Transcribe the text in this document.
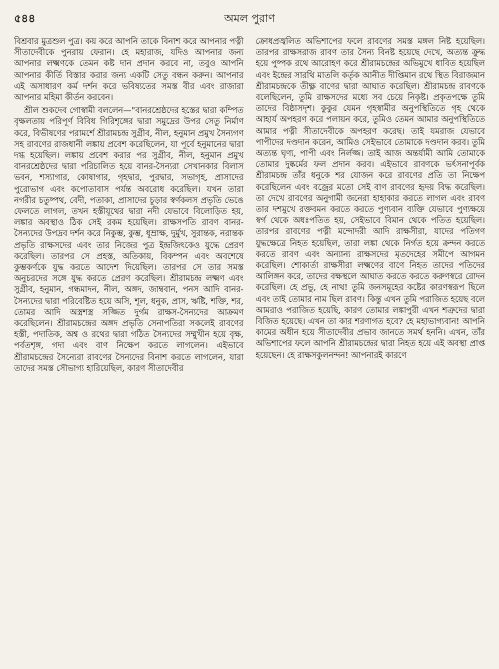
৫৪৪	অমল পুরাণ

বিশ্রবার মুত্রশুল পুত্র। কয় করে আপনি তাকে বিনাশ করে আপনার পত্নী সীতাদেবীকে পুনরায় ফেরান। হে মহারাজ, যদিও আপনার জন্য আপনার লক্ষ্মণকে তেমন কষ্ট দান প্রদান করবে না, তবুও আপনি আপনার কীর্তি বিস্তার করার জন্য একটি সেতু বন্ধন করুন। আপনার এই অসাধারণ কর্ম দর্শন করে ভবিষ্যতের সমস্ত বীর এবং রাজারা আপনার মহিমা কীর্তন করবেন।

শ্রীল শুকদেব গোস্বামী বললেন—"বানরশ্রেষ্ঠদের হস্তের দ্বারা কম্পিত বৃক্ষলতায় পরিপূর্ণ বিবিধ গিরিশৃঙ্গের দ্বারা সমুদ্রের উপর সেতু নির্মাণ করে, বিভীষণের পরামর্শে শ্রীরামচন্দ্র সুগ্রীব, নীল, হনুমান প্রমুখ সৈন্যগণ সহ রাবণের রাজধানী লঙ্কায় প্রবেশ করেছিলেন, যা পূর্বে হনুমানের দ্বারা দগ্ধ হয়েছিল। লঙ্কায় প্রবেশ করার পর সুগ্রীব, নীল, হনুমান প্রমুখ বানরশ্রেষ্ঠদের দ্বারা পরিচালিত হয়ে বানর-সৈন্যরা সেখানকার বিলাস ভবন, শস্যাগার, কোষাগার, গৃহদ্বার, পুরদ্বার, সভাগৃহ, প্রাসাদের পুরোভাগ এবং কপোতাবাস পর্যন্ত অবরোধ করেছিল। যখন তারা নগরীর চতুষ্পথ, বেদী, পতাকা, প্রাসাদের চূড়ার স্বর্ণকলস প্রভৃতি ভেঙে ফেলতে লাগল, তখন হস্তীযূথের দ্বারা নদী যেভাবে বিলোড়িত হয়, লঙ্কার অবস্থাও ঠিক সেই রকম হয়েছিল। রাক্ষসপতি রাবণ বানর-সৈন্যদের উপদ্রব দর্শন করে নিকুম্ভ, কুম্ভ, ধূম্রাক্ষ, দুর্মুখ, সুরান্তক, নরান্তক প্রভৃতি রাক্ষসদের এবং তার নিজের পুত্র ইন্দ্রজিৎকেও যুদ্ধে প্রেরণ করেছিল। তারপর সে প্রহস্ত, অতিকায়, বিকম্পন এবং অবশেষে কুম্ভকর্ণকে যুদ্ধ করতে আদেশ দিয়েছিল। তারপর সে তার সমস্ত অনুচরদের সঙ্গে যুদ্ধ করতে প্রেরণ করেছিল। শ্রীরামচন্দ্র লক্ষ্মণ এবং সুগ্রীব, হনুমান, গন্ধমাদন, নীল, অঙ্গদ, জাম্ববান, পনস আদি বানর-সৈন্যদের দ্বারা পরিবেষ্টিত হয়ে অসি, শূল, ধনুক, প্রাস, ঋষ্টি, শক্তি, শর, তোমর আদি অস্ত্রশস্ত্র সজ্জিত দুর্গম রাক্ষস-সৈন্যদের আক্রমণ করেছিলেন। শ্রীরামচন্দ্রের অঙ্গদ প্রভৃতি সেনাপতিরা সকলেই রাবণের হস্তী, পদাতিক, অশ্ব ও রথের দ্বারা গঠিত সৈন্যদের সম্মুখীন হয়ে বৃক্ষ, পর্বতশৃঙ্গ, গদা এবং বাণ নিক্ষেপ করতে লাগলেন। এইভাবে শ্রীরামচন্দ্রের সৈন্যেরা রাবণের সৈন্যদের বিনাশ করতে লাগলেন, যারা তাদের সমস্ত সৌভাগ্য হারিয়েছিল, কারণ সীতাদেবীর

ক্রোধপ্রজ্বলিত অভিশাপের ফলে রাবণের সমস্ত মঙ্গল নিষ্ট হয়েছিল। তারপর রাক্ষসরাজ রাবণ তার সৈন্য বিনষ্ট হয়েছে দেখে, অত্যন্ত ক্রুদ্ধ হয়ে পুষ্পক রথে আরোহণ করে শ্রীরামচন্দ্রের অভিমুখে ধাবিত হয়েছিল এবং ইন্দ্রের সারথি মাতলি কর্তৃক আনীত দীপ্তিমান রথে স্থিত বিরাজমান শ্রীরামচন্দ্রকে তীক্ষ্ণ বাণের দ্বারা আঘাত করেছিল। শ্রীরামচন্দ্র রাবণকে বলেছিলেন, তুমি রাক্ষসদের মধ্যে সব চেয়ে নিকৃষ্ট। প্রকৃতপক্ষে তুমি তাদের বিষ্ঠাসদৃশ। কুকুর যেমন গৃহস্বামীর অনুপস্থিতিতে গৃহ থেকে আহার্য অপহরণ করে পলায়ন করে, তুমিও তেমন আমার অনুপস্থিতিতে আমার পত্নী সীতাদেবীকে অপহরণ করেছ। তাই যমরাজ যেভাবে পাপীদের দণ্ডদান করেন, আমিও সেইভাবে তোমাকে দণ্ডদান করব। তুমি অত্যন্ত ঘৃণ্য, পাপী এবং নির্লজ্জ। তাই আজ অন্তর্যামী আমি তোমাকে তোমার দুষ্কর্মের ফল প্রদান করব। এইভাবে রাবণকে ভর্ৎসনাপূর্বক শ্রীরামচন্দ্র তাঁর ধনুকে শর যোজন করে রাবণের প্রতি তা নিক্ষেপ করেছিলেন এবং বজ্রের মতো সেই বাণ রাবণের হৃদয় বিদ্ধ করেছিল। তা দেখে রাবণের অনুগামী জনেরা হাহাকার করতে লাগল এবং রাবণ তার দশমুখে রক্তবমন করতে করতে পুণ্যবান ব্যক্তি যেভাবে পুণ্যক্ষয়ে স্বর্গ থেকে অধঃপতিত হয়, সেইভাবে বিমান থেকে পতিত হয়েছিল। তারপর রাবণের পত্নী মন্দোদরী আদি রাক্ষসীরা, যাদের পতিগণ যুদ্ধক্ষেত্রে নিহত হয়েছিল, তারা লঙ্কা থেকে নির্গত হয়ে ক্রন্দন করতে করতে রাবণ এবং অন্যান্য রাক্ষসদের মৃতদেহের সমীপে আগমন করেছিল। শোকার্তা রাক্ষসীরা লক্ষ্মণের বাণে নিহত তাদের পতিদের আলিঙ্গন করে, তাদের বক্ষস্থলে আঘাত করতে করতে করুণস্বরে রোদন করেছিল। হে প্রভু, হে নাথ! তুমি জনসমূহের কষ্টের কারণস্বরূপ ছিলে এবং তাই তোমার নাম ছিল রাবণ। কিন্তু এখন তুমি পরাজিত হয়েছ বলে আমরাও পরাজিত হয়েছি, কারণ তোমার লঙ্কাপুরী এখন শত্রুদের দ্বারা বিজিত হয়েছে। এখন তা কার শরণাগত হবে? হে মহাভাগ্যবান! আপনি কামের অধীন হয়ে সীতাদেবীর প্রভাব জানতে সমর্থ হননি। এখন, তাঁর অভিশাপের ফলে আপনি শ্রীরামচন্দ্রের দ্বারা নিহত হয়ে এই অবস্থা প্রাপ্ত হয়েছেন। হে রাক্ষসকুলনন্দন! আপনারই কারণে
